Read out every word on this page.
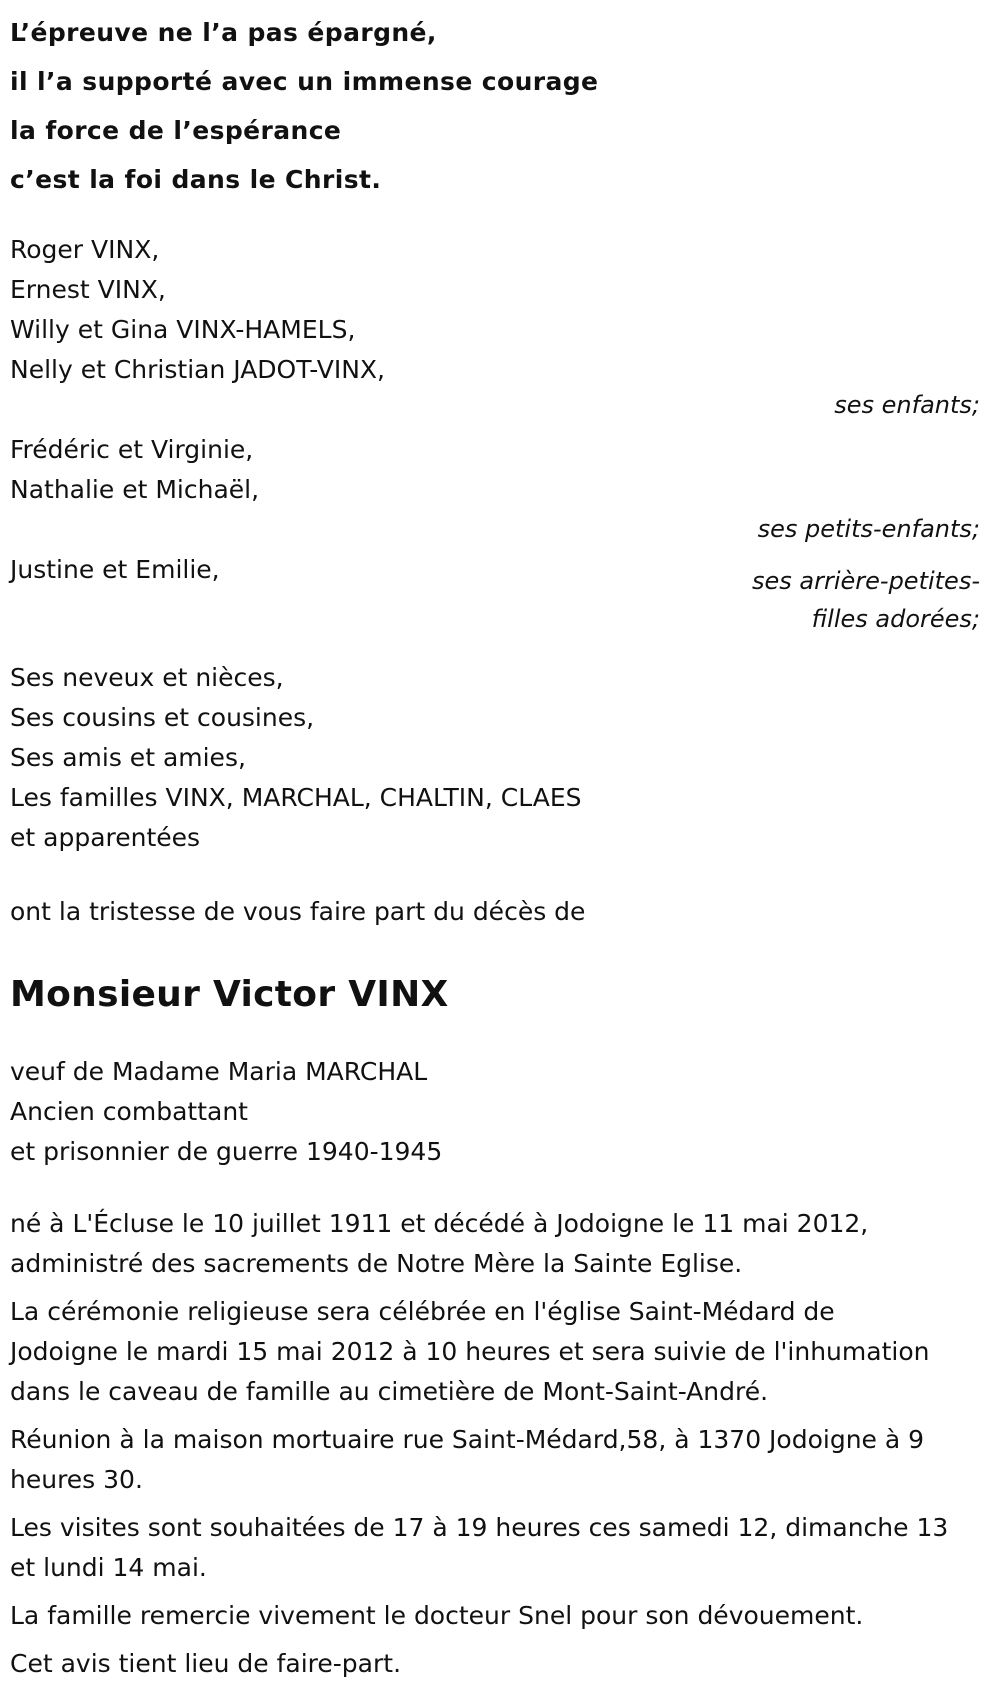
L’épreuve ne l’a pas épargné,
il l’a supporté avec un immense courage
la force de l’espérance
c’est la foi dans le Christ.
Roger VINX,
Ernest VINX,
Willy et Gina VINX-HAMELS,
Nelly et Christian JADOT-VINX,
ses enfants;
Frédéric et Virginie,
Nathalie et Michaël,
ses petits-enfants;
Justine et Emilie,	ses arrière-petites-
filles adorées;
Ses neveux et nièces,
Ses cousins et cousines,
Ses amis et amies,
Les familles VINX, MARCHAL, CHALTIN, CLAES
et apparentées
ont la tristesse de vous faire part du décès de
Monsieur Victor VINX
veuf de Madame Maria MARCHAL
Ancien combattant
et prisonnier de guerre 1940-1945
né à L'Écluse le 10 juillet 1911 et décédé à Jodoigne le 11 mai 2012,
administré des sacrements de Notre Mère la Sainte Eglise.
La cérémonie religieuse sera célébrée en l'église Saint-Médard de
Jodoigne le mardi 15 mai 2012 à 10 heures et sera suivie de l'inhumation
dans le caveau de famille au cimetière de Mont-Saint-André.
Réunion à la maison mortuaire rue Saint-Médard,58, à 1370 Jodoigne à 9
heures 30.
Les visites sont souhaitées de 17 à 19 heures ces samedi 12, dimanche 13
et lundi 14 mai.
La famille remercie vivement le docteur Snel pour son dévouement.
Cet avis tient lieu de faire-part.
